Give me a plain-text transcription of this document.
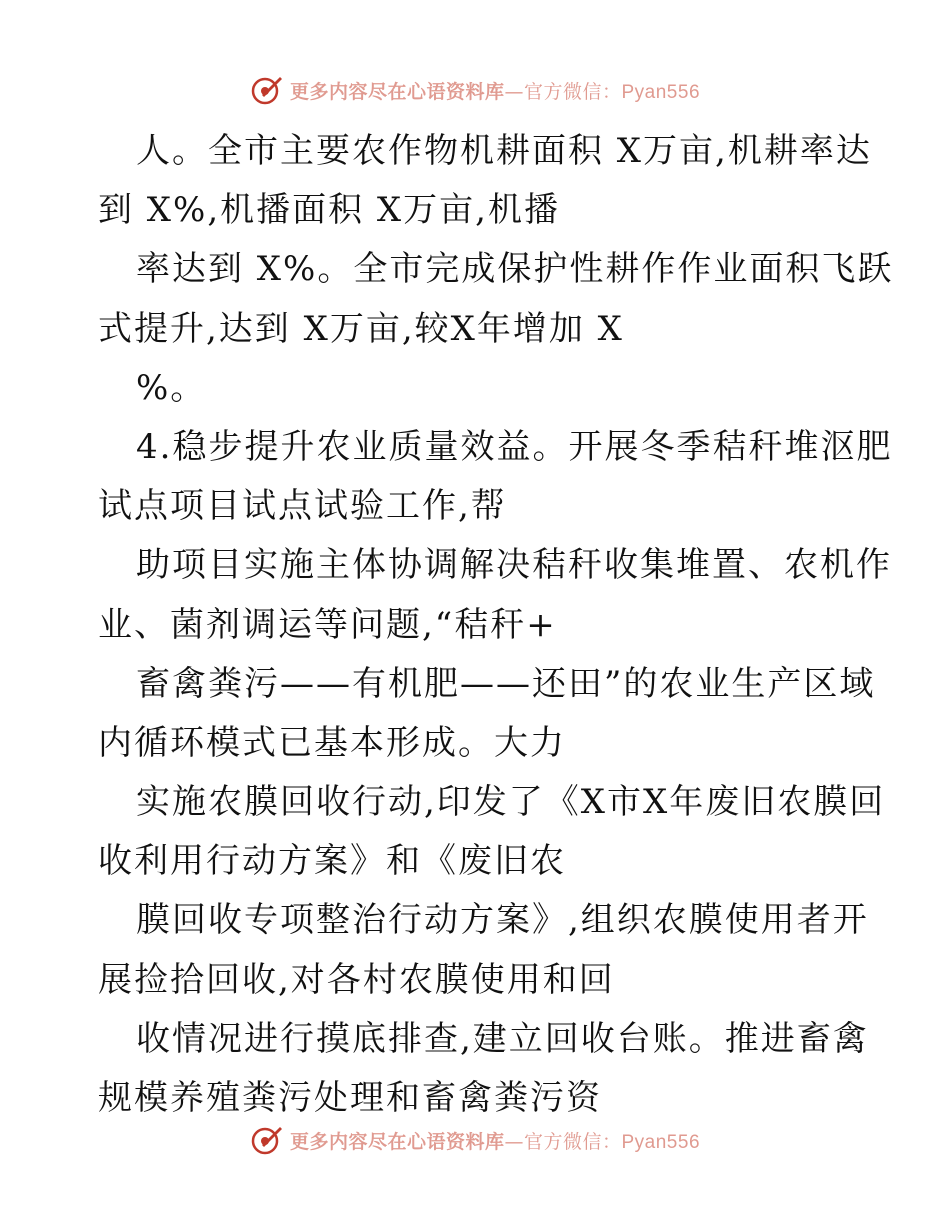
更多内容尽在心语资料库—官方微信：Pyan556
人。全市主要农作物机耕面积 X万亩,机耕率达
到 X%,机播面积 X万亩,机播
率达到 X%。全市完成保护性耕作作业面积飞跃
式提升,达到 X万亩,较X年增加 X
%。
4.稳步提升农业质量效益。开展冬季秸秆堆沤肥
试点项目试点试验工作,帮
助项目实施主体协调解决秸秆收集堆置、农机作
业、菌剂调运等问题,“秸秆+
畜禽粪污——有机肥——还田”的农业生产区域
内循环模式已基本形成。大力
实施农膜回收行动,印发了《X市X年废旧农膜回
收利用行动方案》和《废旧农
膜回收专项整治行动方案》,组织农膜使用者开
展捡拾回收,对各村农膜使用和回
收情况进行摸底排查,建立回收台账。推进畜禽
规模养殖粪污处理和畜禽粪污资
更多内容尽在心语资料库—官方微信：Pyan556
